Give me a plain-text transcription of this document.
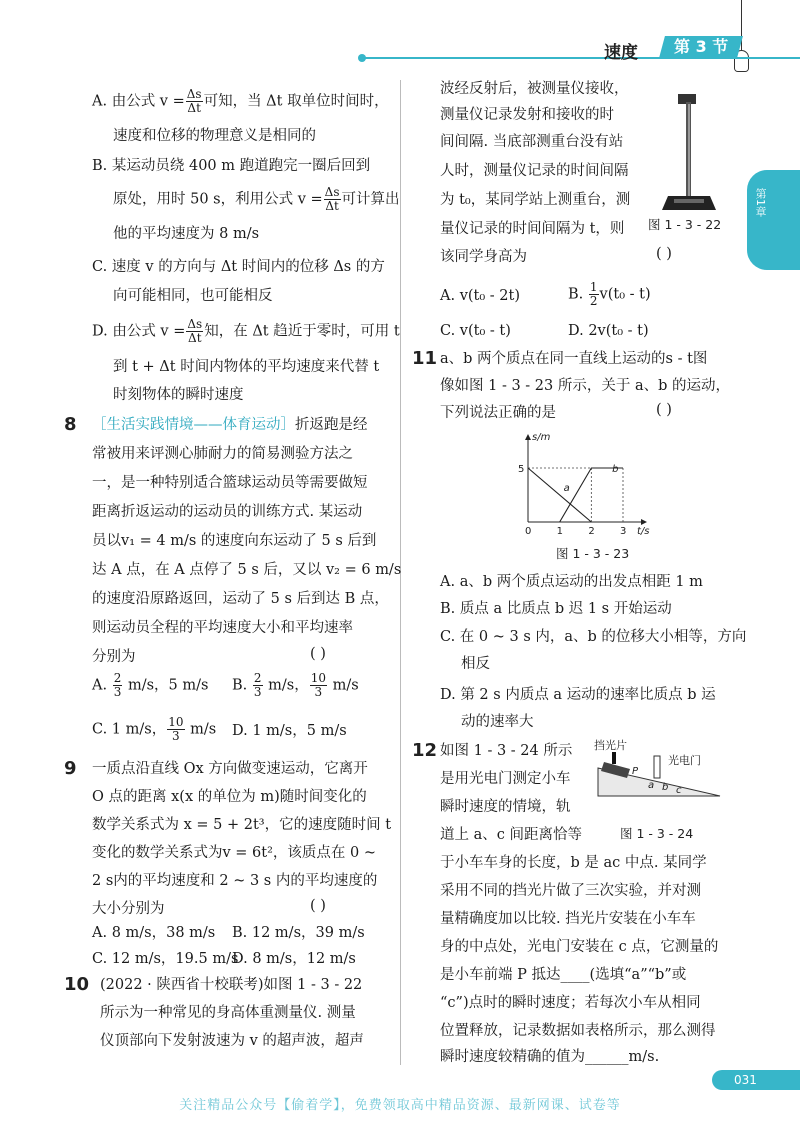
速度	第 3 节
第1章
A. 由公式 $v = \frac{\Delta s}{\Delta t}$ 可知，当 Δt 取单位时间时，
速度和位移的物理意义是相同的
B. 某运动员绕 400 m 跑道跑完一圈后回到
原处，用时 50 s，利用公式 $v = \frac{\Delta s}{\Delta t}$ 可计算出
他的平均速度为 8 m/s
C. 速度 v 的方向与 Δt 时间内的位移 Δs 的方
向可能相同，也可能相反
D. 由公式 $v = \frac{\Delta s}{\Delta t}$ 知，在 Δt 趋近于零时，可用 t
到 t + Δt 时间内物体的平均速度来代替 t
时刻物体的瞬时速度
8 ［生活实践情境——体育运动］折返跑是经
常被用来评测心肺耐力的简易测验方法之
一，是一种特别适合篮球运动员等需要做短
距离折返运动的运动员的训练方式. 某运动
员以v₁ = 4 m/s 的速度向东运动了 5 s 后到
达 A 点，在 A 点停了 5 s 后，又以 v₂ = 6 m/s
的速度沿原路返回，运动了 5 s 后到达 B 点，
则运动员全程的平均速度大小和平均速率
分别为	( )
A. $\frac{2}{3} m/s$，5 m/s B. $\frac{2}{3} m/s$， $\frac{10}{3} m/s$
C. 1 m/s， $\frac{10}{3} m/s$ D. 1 m/s，5 m/s
9 一质点沿直线 Ox 方向做变速运动，它离开
O 点的距离 x(x 的单位为 m)随时间变化的
数学关系式为 x = 5 + 2t³，它的速度随时间 t
变化的数学关系式为v = 6t²，该质点在 0 ~
2 s内的平均速度和 2 ~ 3 s 内的平均速度的
大小分别为	( )
A. 8 m/s，38 m/s B. 12 m/s，39 m/s
C. 12 m/s，19.5 m/s
D. 8 m/s，12 m/s
10 (2022 · 陕西省十校联考)如图 1 - 3 - 22
所示为一种常见的身高体重测量仪. 测量
仪顶部向下发射波速为 v 的超声波，超声
波经反射后，被测量仪接收，
测量仪记录发射和接收的时
间间隔. 当底部测重台没有站
人时，测量仪记录的时间间隔
为 t₀，某同学站上测重台，测
量仪记录的时间间隔为 t，则
该同学身高为	( )
图 1 - 3 - 22
A. v(t₀ - 2t)	B. $\frac{1}{2} v(t_0 - t)$
C. v(t₀ - t)	D. 2v(t₀ - t)
11 a、b 两个质点在同一直线上运动的s - t图
像如图 1 - 3 - 23 所示，关于 a、b 的运动，
下列说法正确的是	( )
t/s
s/m
0	1	2	3
5
a
b
图 1 - 3 - 23
A. a、b 两个质点运动的出发点相距 1 m
B. 质点 a 比质点 b 迟 1 s 开始运动
C. 在 0 ~ 3 s 内，a、b 的位移大小相等，方向
相反
D. 第 2 s 内质点 a 运动的速率比质点 b 运
动的速率大
12 如图 1 - 3 - 24 所示
是用光电门测定小车
瞬时速度的情境，轨
道上 a、c 间距离恰等
挡光片
光电门
P
a b c
图 1 - 3 - 24
于小车车身的长度，b 是 ac 中点. 某同学
采用不同的挡光片做了三次实验，并对测
量精确度加以比较. 挡光片安装在小车车
身的中点处，光电门安装在 c 点，它测量的
是小车前端 P 抵达____(选填“a”“b”或
“c”)点时的瞬时速度；若每次小车从相同
位置释放，记录数据如表格所示，那么测得
瞬时速度较精确的值为______m/s.
031
关注精品公众号【偷着学】，免费领取高中精品资源、最新网课、试卷等
